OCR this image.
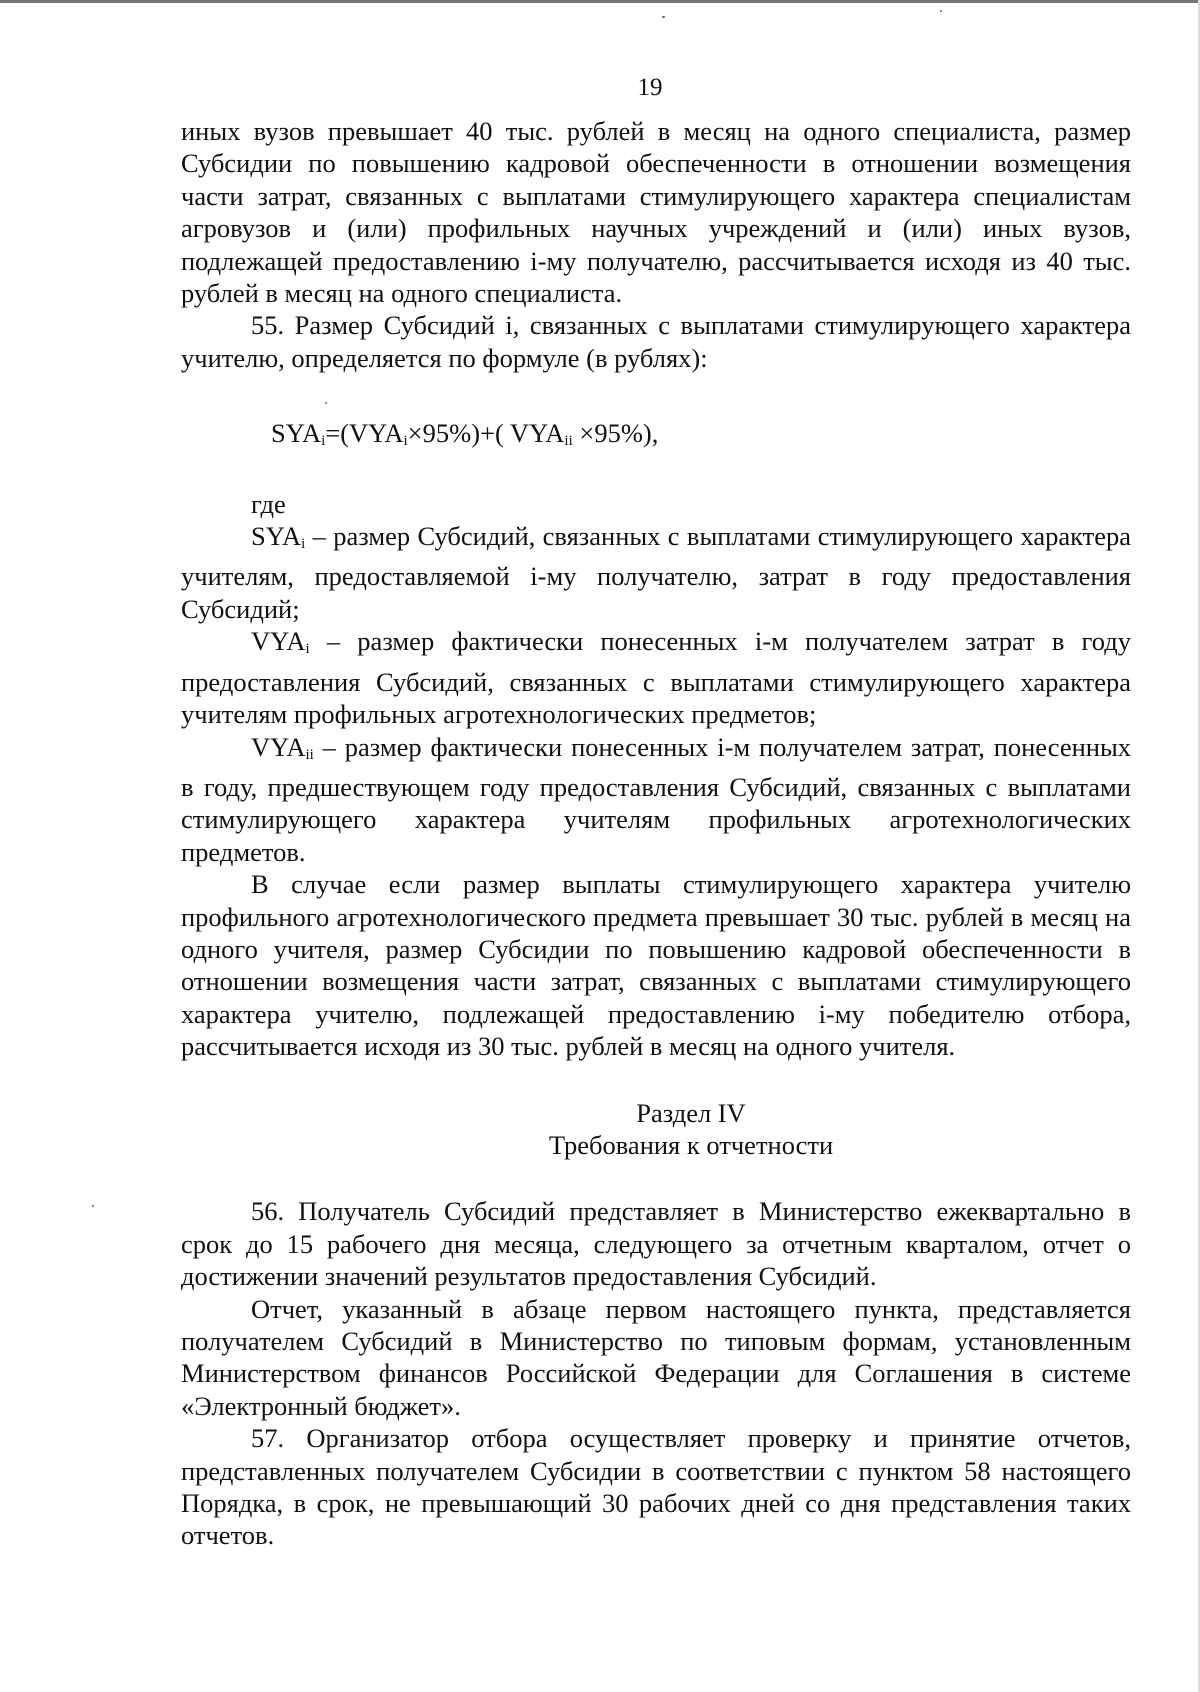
19

иных вузов превышает 40 тыс. рублей в месяц на одного специалиста, размер Субсидии по повышению кадровой обеспеченности в отношении возмещения части затрат, связанных с выплатами стимулирующего характера специалистам агровузов и (или) профильных научных учреждений и (или) иных вузов, подлежащей предоставлению i-му получателю, рассчитывается исходя из 40 тыс. рублей в месяц на одного специалиста.

55. Размер Субсидий i, связанных с выплатами стимулирующего характера учителю, определяется по формуле (в рублях):

$SYA_i=(VYA_i\times 95\%)+$( $VYA_{ii} \times 95\%$),

где

$SYA_i$ – размер Субсидий, связанных с выплатами стимулирующего характера учителям, предоставляемой i-му получателю, затрат в году предоставления Субсидий;

$VYA_i$ – размер фактически понесенных i-м получателем затрат в году предоставления Субсидий, связанных с выплатами стимулирующего характера учителям профильных агротехнологических предметов;

$VYA_{ii}$ – размер фактически понесенных i-м получателем затрат, понесенных в году, предшествующем году предоставления Субсидий, связанных с выплатами стимулирующего характера учителям профильных агротехнологических предметов.

В случае если размер выплаты стимулирующего характера учителю профильного агротехнологического предмета превышает 30 тыс. рублей в месяц на одного учителя, размер Субсидии по повышению кадровой обеспеченности в отношении возмещения части затрат, связанных с выплатами стимулирующего характера учителю, подлежащей предоставлению i-му победителю отбора, рассчитывается исходя из 30 тыс. рублей в месяц на одного учителя.

Раздел IV

Требования к отчетности

56. Получатель Субсидий представляет в Министерство ежеквартально в срок до 15 рабочего дня месяца, следующего за отчетным кварталом, отчет о достижении значений результатов предоставления Субсидий.

Отчет, указанный в абзаце первом настоящего пункта, представляется получателем Субсидий в Министерство по типовым формам, установленным Министерством финансов Российской Федерации для Соглашения в системе «Электронный бюджет».

57. Организатор отбора осуществляет проверку и принятие отчетов, представленных получателем Субсидии в соответствии с пунктом 58 настоящего Порядка, в срок, не превышающий 30 рабочих дней со дня представления таких отчетов.
